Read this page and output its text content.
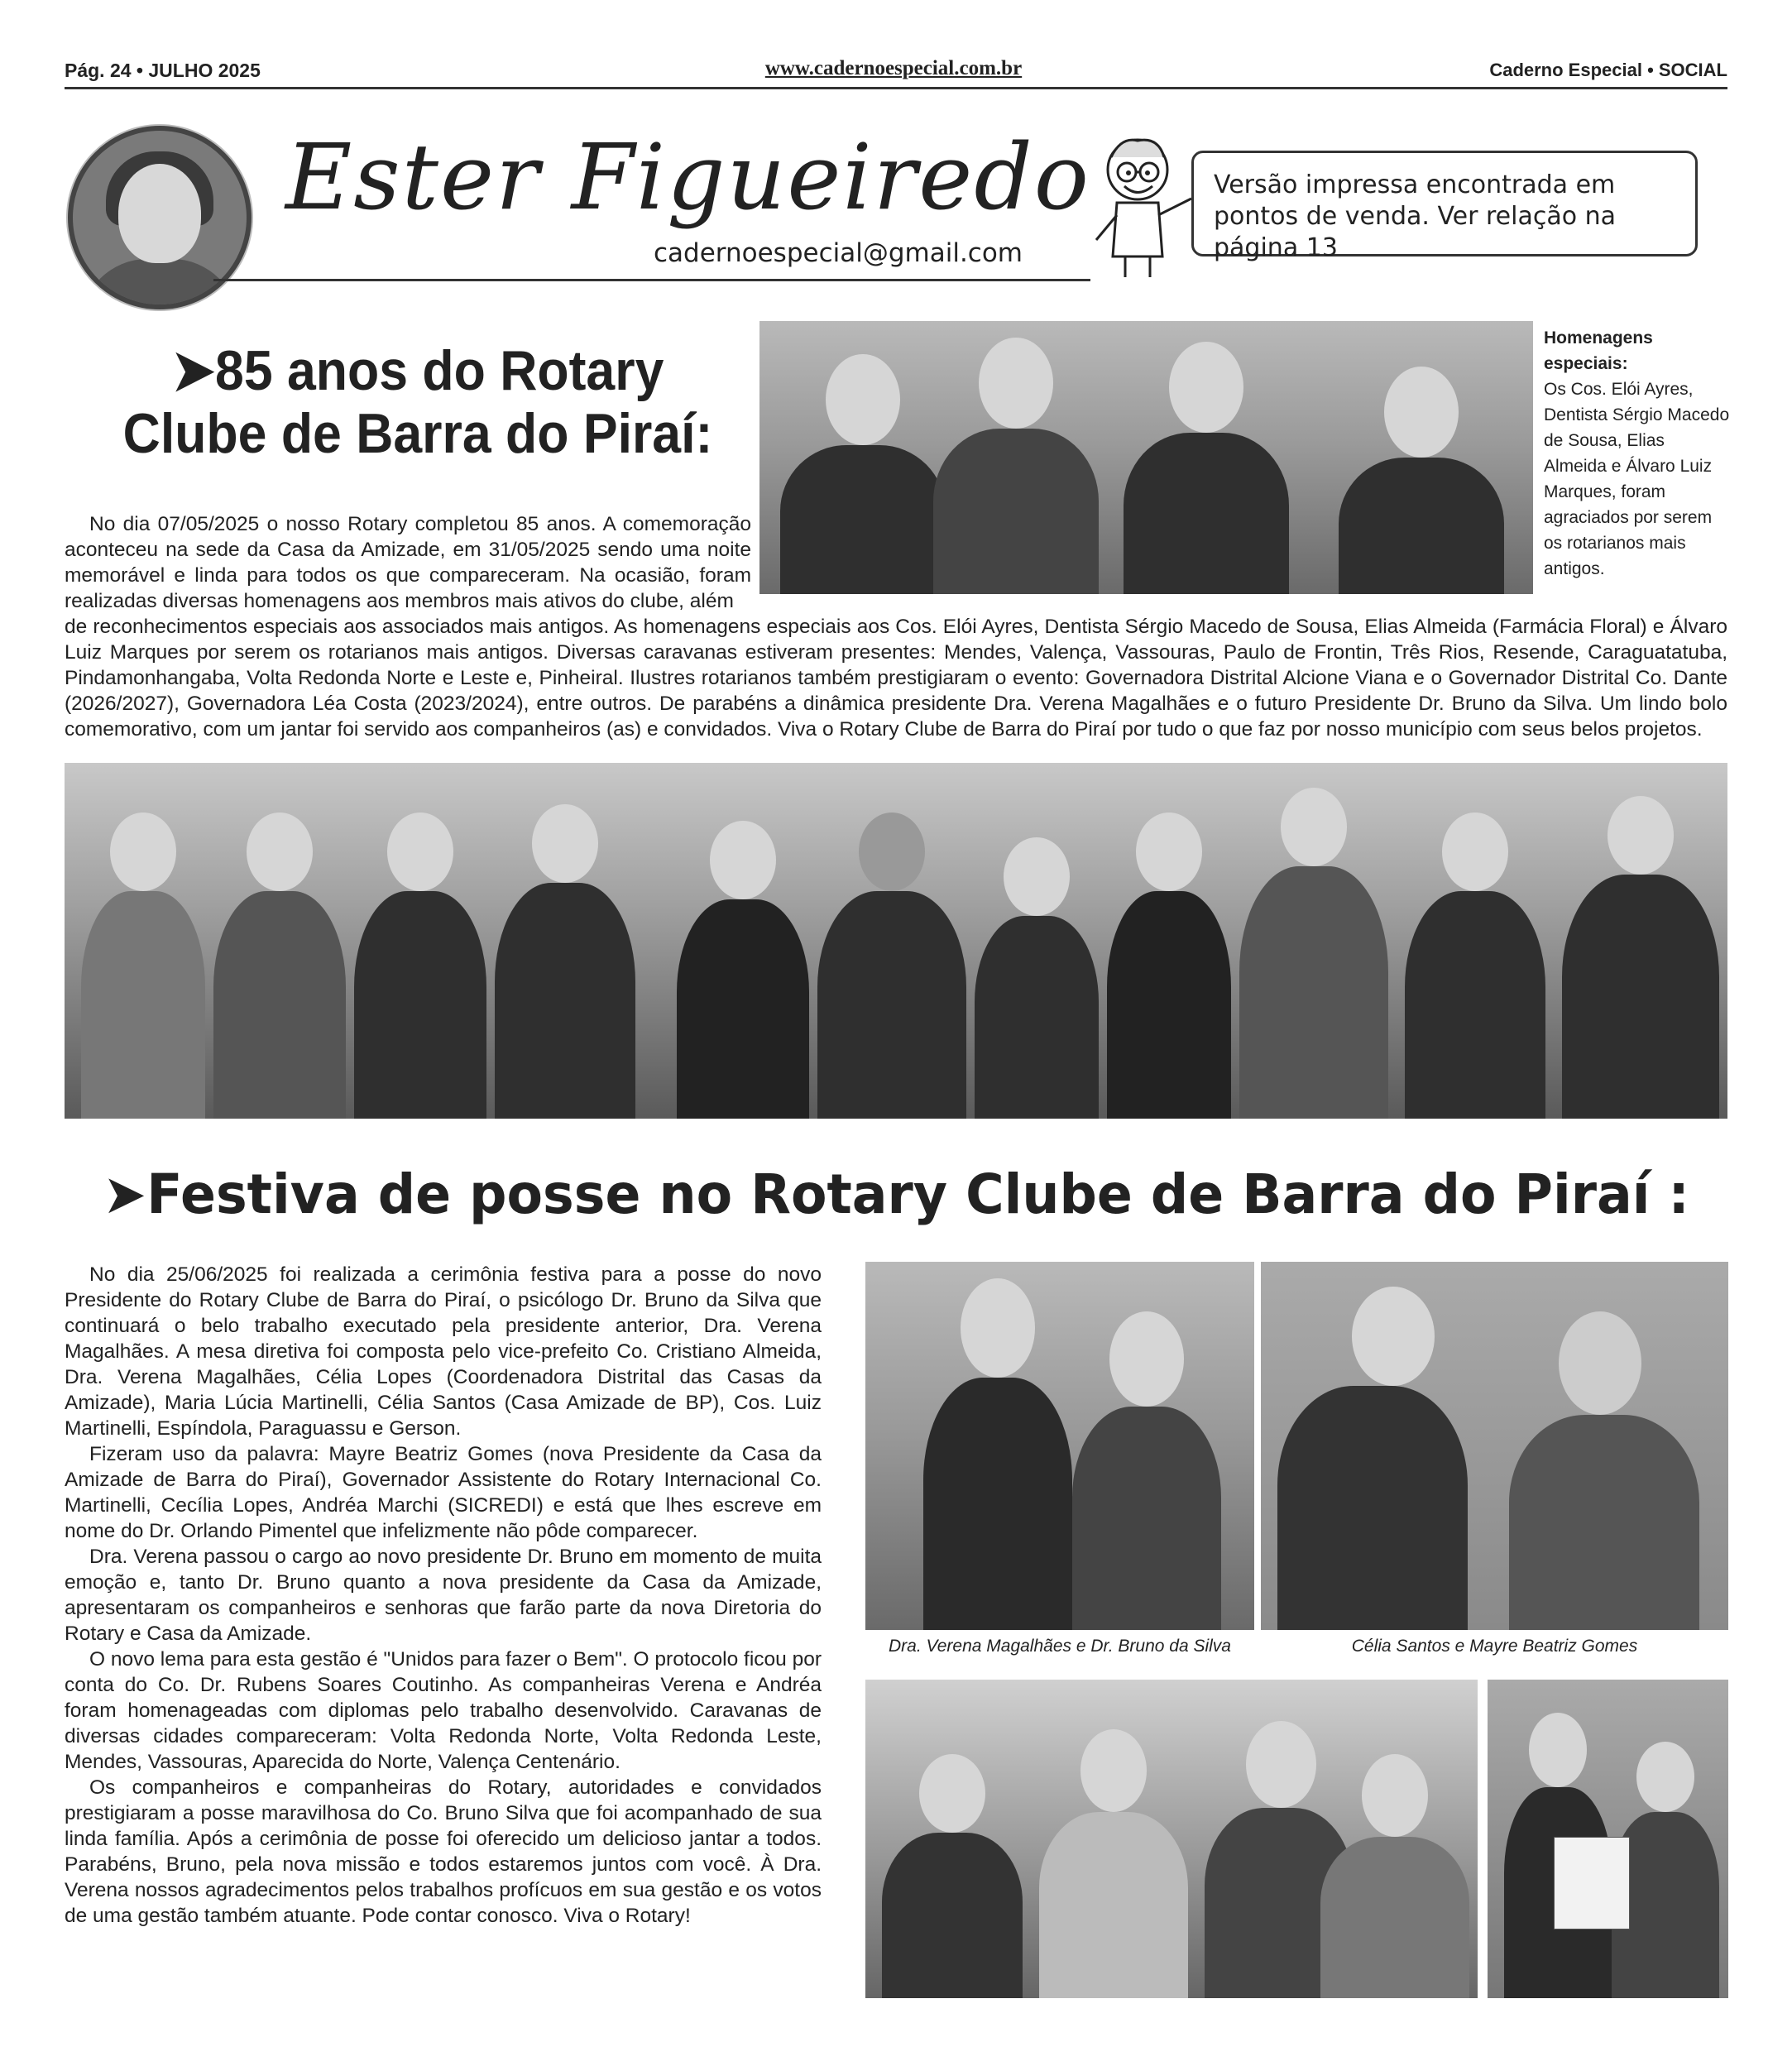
Pág. 24 • JULHO 2025	www.cadernoespecial.com.br	Caderno Especial • SOCIAL
Ester Figueiredo
cadernoespecial@gmail.com
Versão impressa encontrada em pontos de venda. Ver relação na página 13
➤85 anos do Rotary
Clube de Barra do Piraí:
Homenagens especiais:
Os Cos. Elói Ayres, Dentista Sérgio Macedo de Sousa, Elias Almeida e Álvaro Luiz Marques, foram agraciados por serem os rotarianos mais antigos.

No dia 07/05/2025 o nosso Rotary completou 85 anos. A comemoração aconteceu na sede da Casa da Amizade, em 31/05/2025 sendo uma noite memorável e linda para todos os que compareceram. Na ocasião, foram realizadas diversas homenagens aos membros mais ativos do clube, além

de reconhecimentos especiais aos associados mais antigos. As homenagens especiais aos Cos. Elói Ayres, Dentista Sérgio Macedo de Sousa, Elias Almeida (Farmácia Floral) e Álvaro Luiz Marques por serem os rotarianos mais antigos. Diversas caravanas estiveram presentes: Mendes, Valença, Vassouras, Paulo de Frontin, Três Rios, Resende, Caraguatatuba, Pindamonhangaba, Volta Redonda Norte e Leste e, Pinheiral. Ilustres rotarianos também prestigiaram o evento: Governadora Distrital Alcione Viana e o Governador Distrital Co. Dante (2026/2027), Governadora Léa Costa (2023/2024), entre outros. De parabéns a dinâmica presidente Dra. Verena Magalhães e o futuro Presidente Dr. Bruno da Silva. Um lindo bolo comemorativo, com um jantar foi servido aos companheiros (as) e convidados. Viva o Rotary Clube de Barra do Piraí por tudo o que faz por nosso município com seus belos projetos.

➤Festiva de posse no Rotary Clube de Barra do Piraí :

No dia 25/06/2025 foi realizada a cerimônia festiva para a posse do novo Presidente do Rotary Clube de Barra do Piraí, o psicólogo Dr. Bruno da Silva que continuará o belo trabalho executado pela presidente anterior, Dra. Verena Magalhães. A mesa diretiva foi composta pelo vice-prefeito Co. Cristiano Almeida, Dra. Verena Magalhães, Célia Lopes (Coordenadora Distrital das Casas da Amizade), Maria Lúcia Martinelli, Célia Santos (Casa Amizade de BP), Cos. Luiz Martinelli, Espíndola, Paraguassu e Gerson.

Fizeram uso da palavra: Mayre Beatriz Gomes (nova Presidente da Casa da Amizade de Barra do Piraí), Governador Assistente do Rotary Internacional Co. Martinelli, Cecília Lopes, Andréa Marchi (SICREDI) e está que lhes escreve em nome do Dr. Orlando Pimentel que infelizmente não pôde comparecer.

Dra. Verena passou o cargo ao novo presidente Dr. Bruno em momento de muita emoção e, tanto Dr. Bruno quanto a nova presidente da Casa da Amizade, apresentaram os companheiros e senhoras que farão parte da nova Diretoria do Rotary e Casa da Amizade.

O novo lema para esta gestão é "Unidos para fazer o Bem". O protocolo ficou por conta do Co. Dr. Rubens Soares Coutinho. As companheiras Verena e Andréa foram homenageadas com diplomas pelo trabalho desenvolvido. Caravanas de diversas cidades compareceram: Volta Redonda Norte, Volta Redonda Leste, Mendes, Vassouras, Aparecida do Norte, Valença Centenário.

Os companheiros e companheiras do Rotary, autoridades e convidados prestigiaram a posse maravilhosa do Co. Bruno Silva que foi acompanhado de sua linda família. Após a cerimônia de posse foi oferecido um delicioso jantar a todos. Parabéns, Bruno, pela nova missão e todos estaremos juntos com você. À Dra. Verena nossos agradecimentos pelos trabalhos profícuos em sua gestão e os votos de uma gestão também atuante. Pode contar conosco. Viva o Rotary!

Dra. Verena Magalhães e Dr. Bruno da Silva	Célia Santos e Mayre Beatriz Gomes
